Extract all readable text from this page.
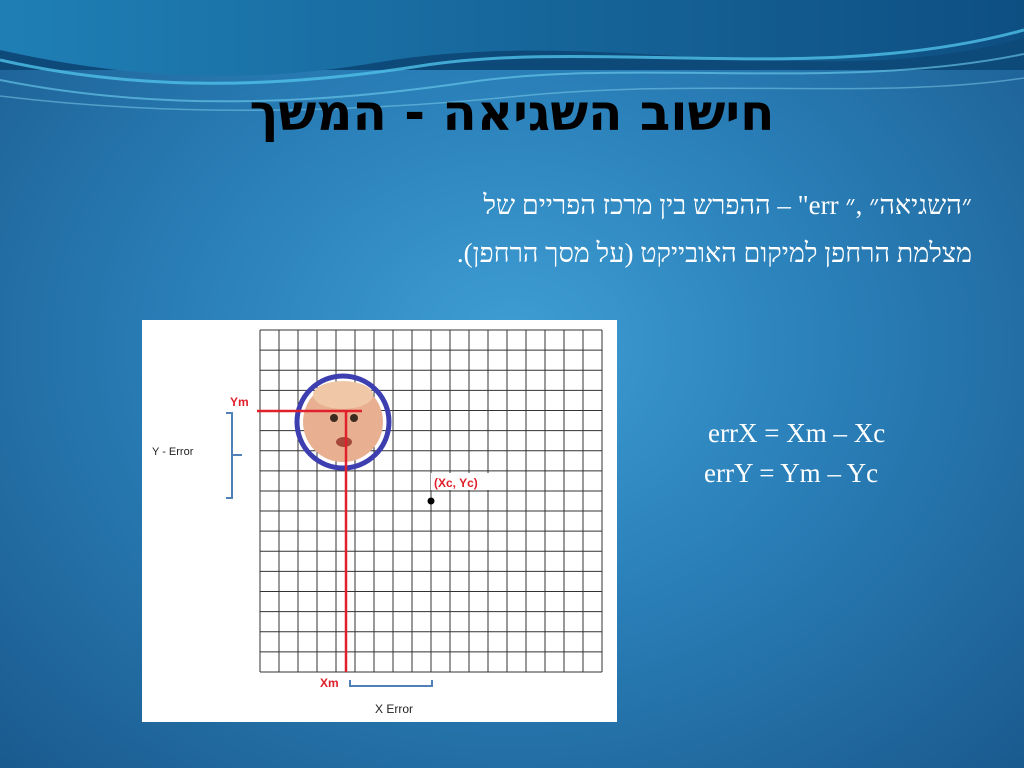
חישוב השגיאה - המשך
״השגיאה״ ,״ err" – ההפרש בין מרכז הפריים של
מצלמת הרחפן למיקום האובייקט (על מסך הרחפן).
Ym
Xm
Y - Error
X Error
(Xc, Yc)
errX = Xm – Xc
errY = Ym – Yc
